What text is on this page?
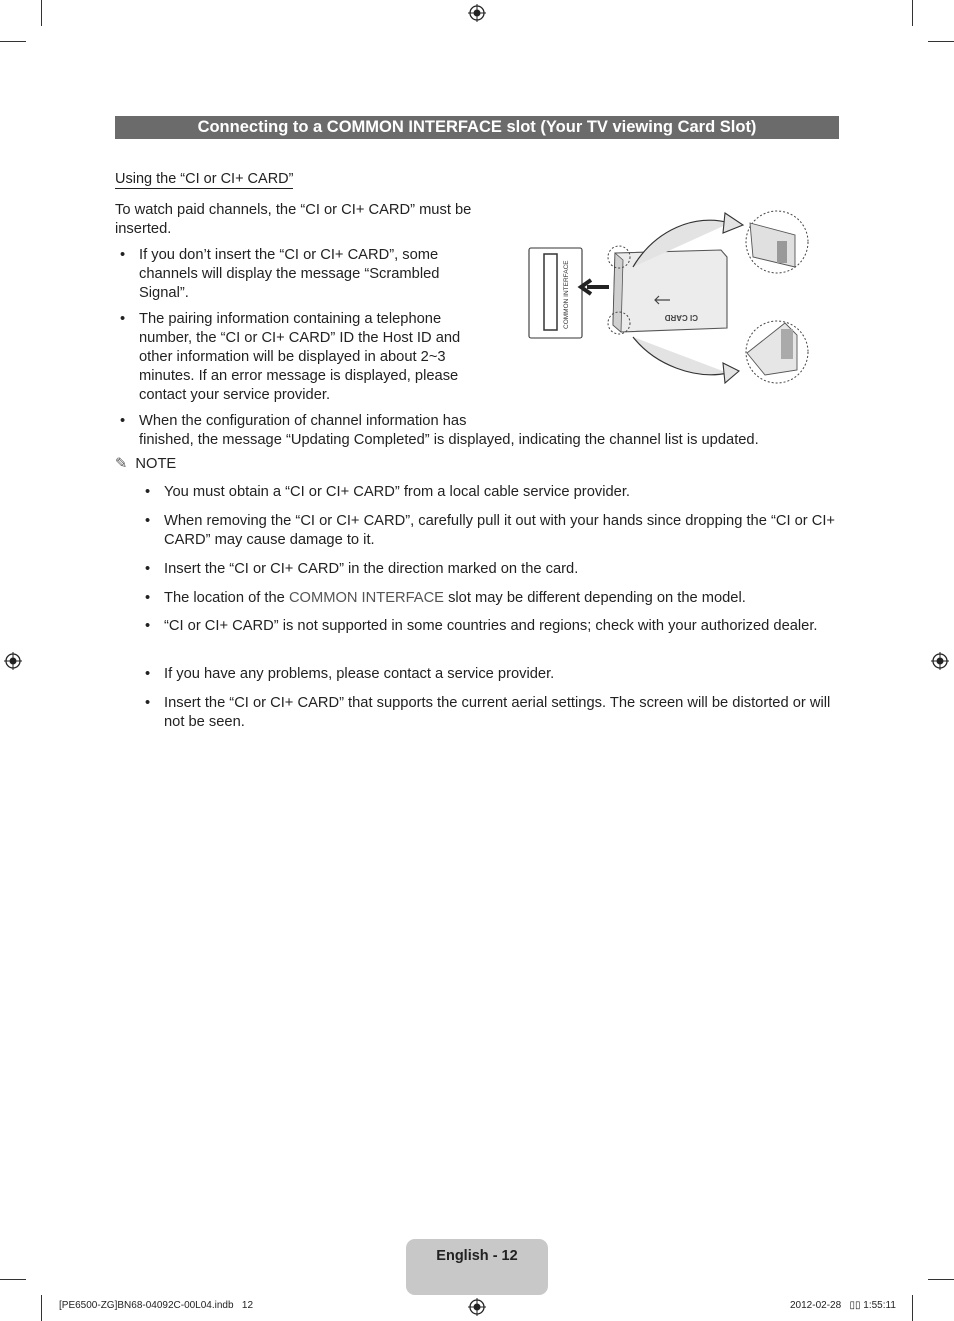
Connecting to a COMMON INTERFACE slot (Your TV viewing Card Slot)
Using the “CI or CI+ CARD”
To watch paid channels, the “CI or CI+ CARD” must be inserted.
• If you don’t insert the “CI or CI+ CARD”, some channels will display the message “Scrambled Signal”.
• The pairing information containing a telephone number, the “CI or CI+ CARD” ID the Host ID and other information will be displayed in about 2~3 minutes. If an error message is displayed, please contact your service provider.
• When the configuration of channel information has
finished, the message “Updating Completed” is displayed, indicating the channel list is updated.
COMMON INTERFACE	CI CARD
✎ NOTE
• You must obtain a “CI or CI+ CARD” from a local cable service provider.
• When removing the “CI or CI+ CARD”, carefully pull it out with your hands since dropping the “CI or CI+ CARD” may cause damage to it.
• Insert the “CI or CI+ CARD” in the direction marked on the card.
• The location of the COMMON INTERFACE slot may be different depending on the model.
• “CI or CI+ CARD” is not supported in some countries and regions; check with your authorized dealer.
• If you have any problems, please contact a service provider.
• Insert the “CI or CI+ CARD” that supports the current aerial settings. The screen will be distorted or will not be seen.
English - 12
[PE6500-ZG]BN68-04092C-00L04.indb   12	2012-02-28   ▯▯ 1:55:11
